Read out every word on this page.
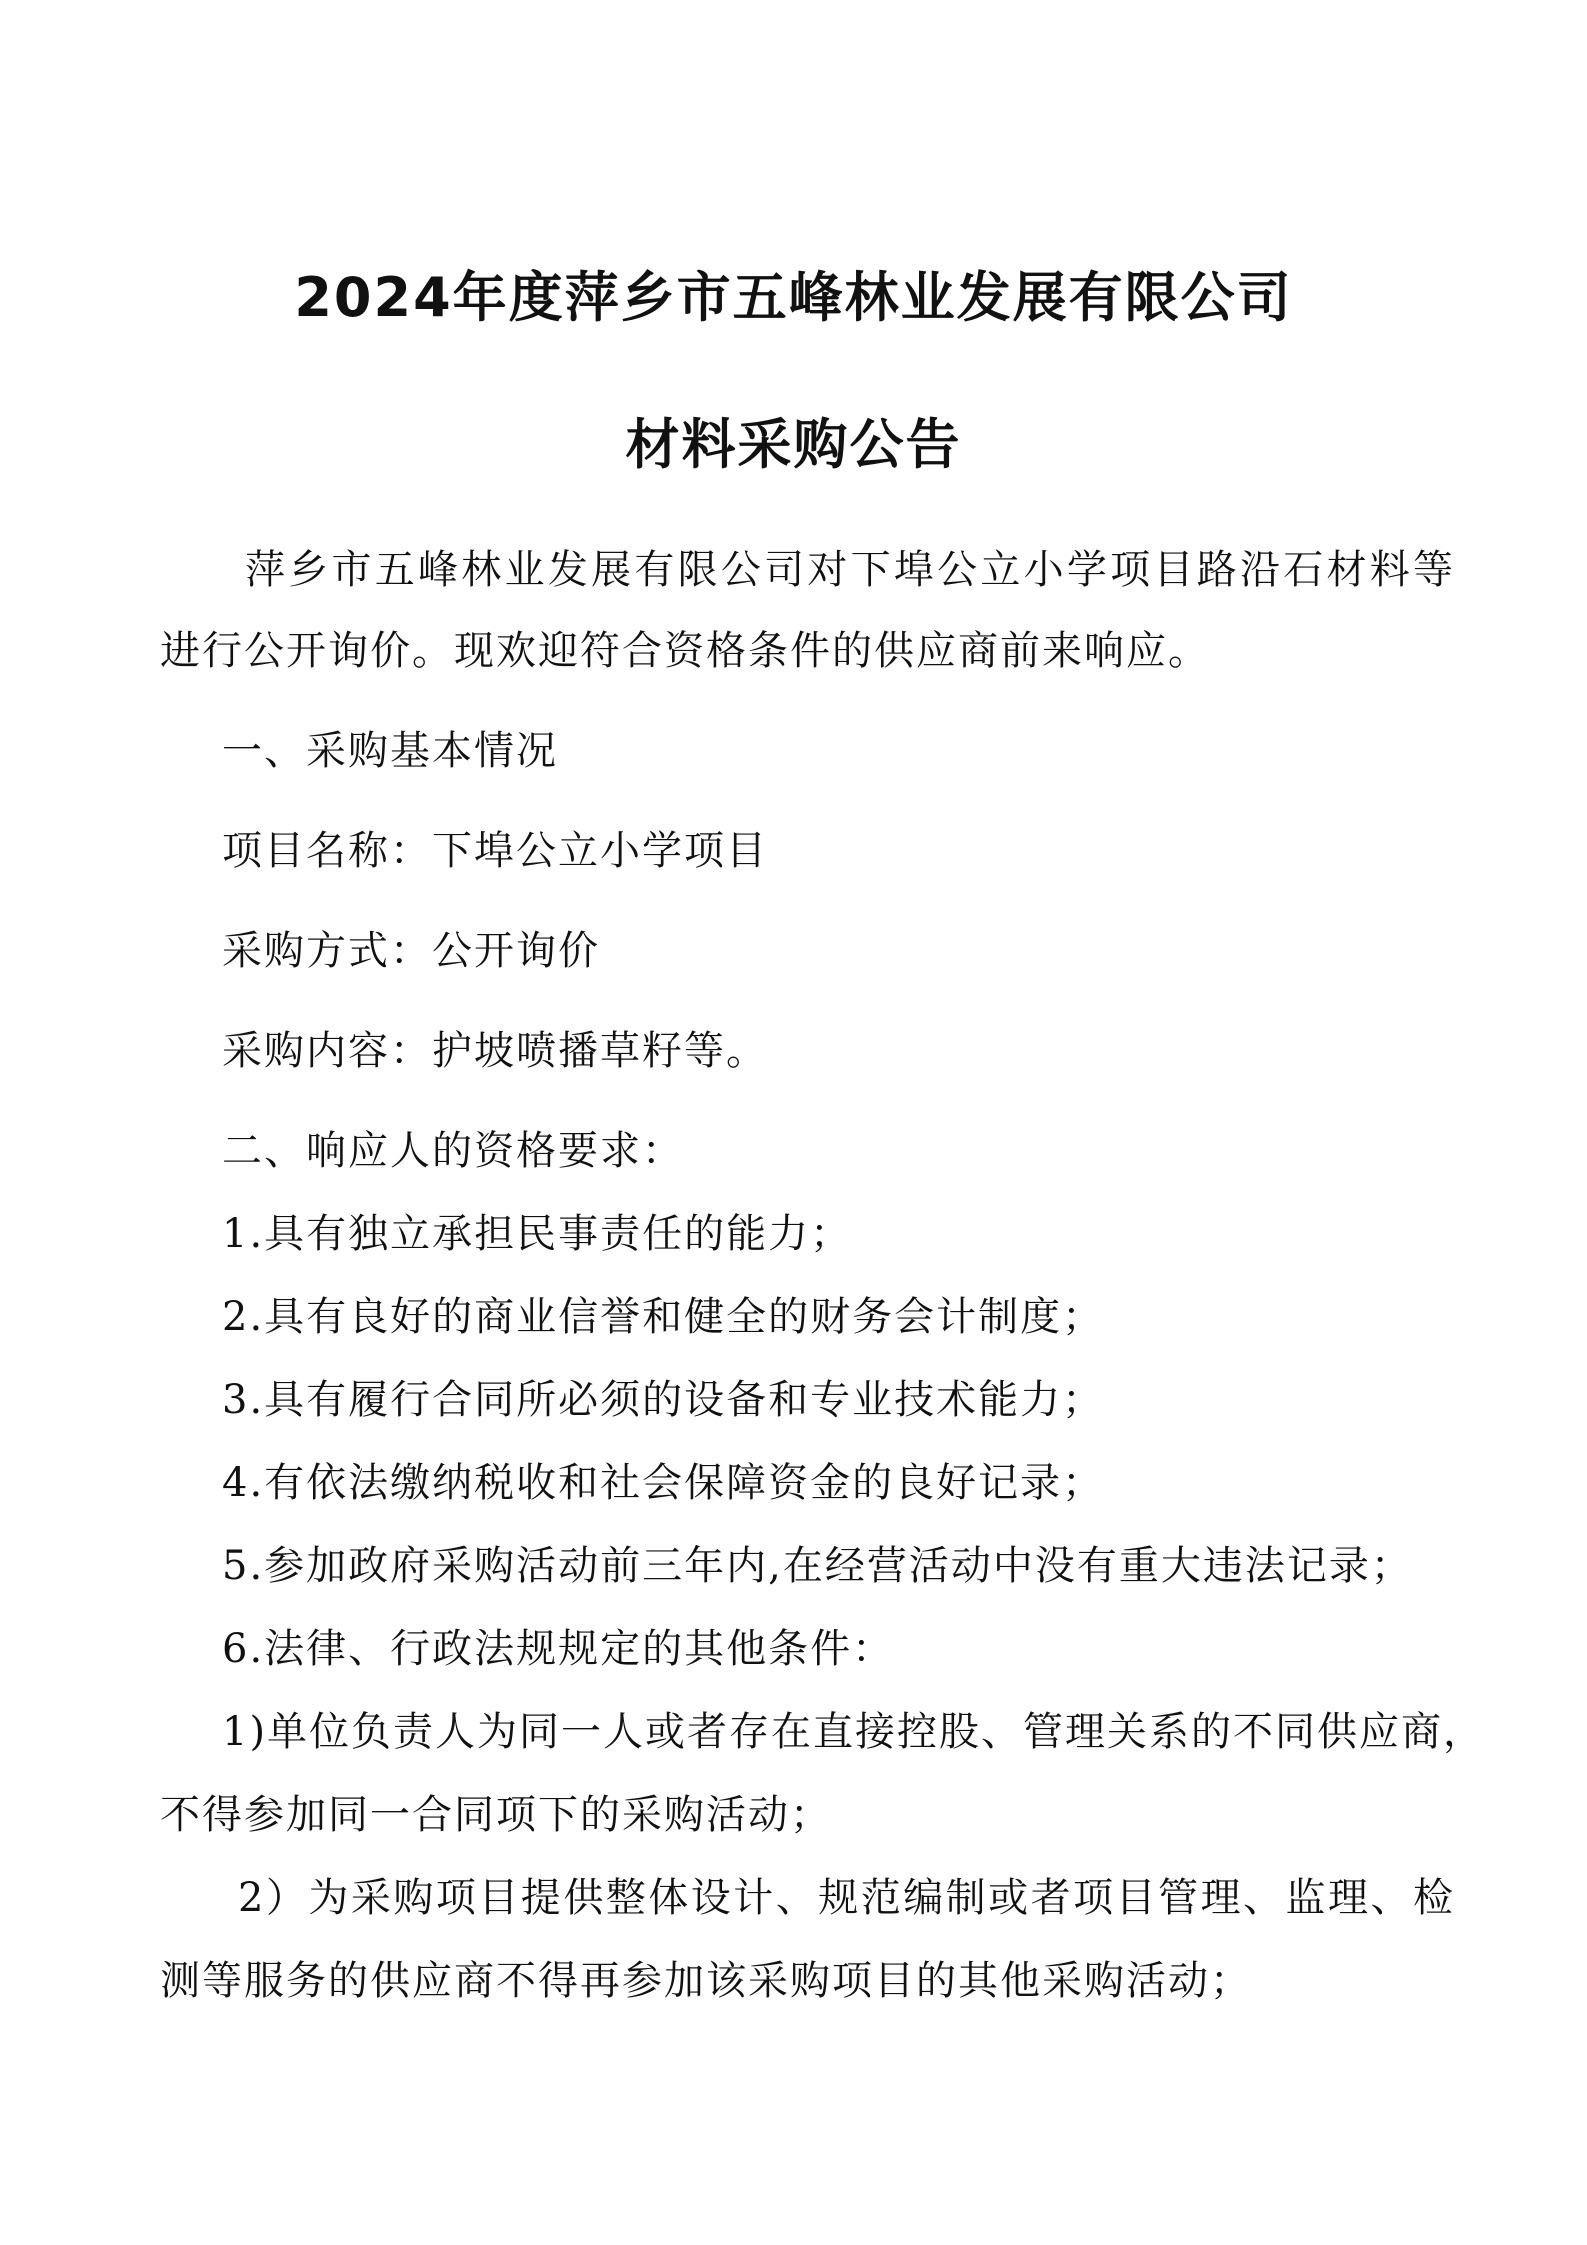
2024年度萍乡市五峰林业发展有限公司
材料采购公告
萍乡市五峰林业发展有限公司对下埠公立小学项目路沿石材料等
进行公开询价。现欢迎符合资格条件的供应商前来响应。
一、采购基本情况
项目名称：下埠公立小学项目
采购方式：公开询价
采购内容：护坡喷播草籽等。
二、响应人的资格要求：
1.具有独立承担民事责任的能力；
2.具有良好的商业信誉和健全的财务会计制度；
3.具有履行合同所必须的设备和专业技术能力；
4.有依法缴纳税收和社会保障资金的良好记录；
5.参加政府采购活动前三年内,在经营活动中没有重大违法记录；
6.法律、行政法规规定的其他条件：
1)单位负责人为同一人或者存在直接控股、管理关系的不同供应商，
不得参加同一合同项下的采购活动；
2）为采购项目提供整体设计、规范编制或者项目管理、监理、检
测等服务的供应商不得再参加该采购项目的其他采购活动；
